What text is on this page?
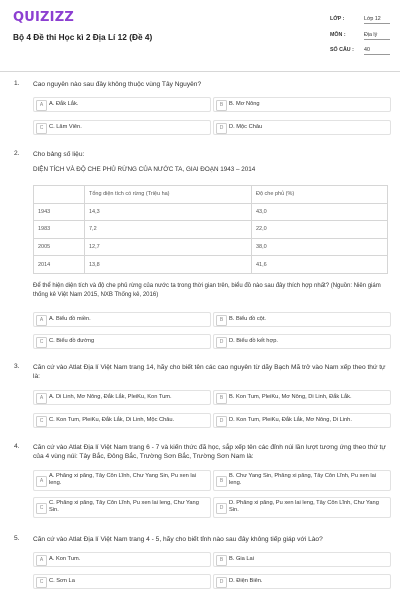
QUIZIZZ
Bộ 4 Đề thi Học kì 2 Địa Lí 12 (Đề 4)
LỚP :	Lớp 12
MÔN :	Địa lý
SỐ CÂU : 40
1. Cao nguyên nào sau đây không thuộc vùng Tây Nguyên?
A	A. Đắk Lắk.	B	B. Mơ Nông
C C. Lâm Viên.	D D. Mộc Châu
2. Cho bảng số liệu:
DIỆN TÍCH VÀ ĐỘ CHE PHỦ RỪNG CỦA NƯỚC TA, GIAI ĐOẠN 1943 – 2014
	Tổng diện tích có rừng (Triệu ha)	Độ che phủ (%)
1943	14,3	43,0
1983	7,2	22,0
2005	12,7	38,0
2014	13,8	41,6
Để thể hiện diện tích và độ che phủ rừng của nước ta trong thời gian trên, biểu đồ nào sau đây thích hợp nhất? (Nguồn: Niên giám thống kê Việt Nam 2015, NXB Thống kê, 2016)
A	A. Biểu đồ miền.	B	B. Biểu đồ cột.
C C. Biểu đồ đường	D D. Biểu đồ kết hợp.
3. Căn cứ vào Atlat Địa lí Việt Nam trang 14, hãy cho biết tên các cao nguyên từ dãy Bạch Mã trở vào Nam xếp theo thứ tự là:
A	A. Di Linh, Mơ Nông, Đắk Lắk, PleiKu, Kon Tum.	B	B. Kon Tum, PleiKu, Mơ Nông, Di Linh, Đắk Lắk.
C C. Kon Tum, PleiKu, Đắk Lắk, Di Linh, Mộc Châu.	D D. Kon Tum, PleiKu, Đắk Lắk, Mơ Nông, Di Linh.
4. Căn cứ vào Atlat Địa lí Việt Nam trang 6 - 7 và kiến thức đã học, sắp xếp tên các đỉnh núi lần lượt tương ứng theo thứ tự của 4 vùng núi: Tây Bắc, Đông Bắc, Trường Sơn Bắc, Trường Sơn Nam là:
A
A. Phăng xi păng, Tây Côn Lĩnh, Chư Yang Sin, Pu xen lai leng.	B
B. Chư Yang Sin, Phăng xi păng, Tây Côn Lĩnh, Pu xen lai leng.
C
C. Phăng xi păng, Tây Côn Lĩnh, Pu xen lai leng, Chư Yang Sin.	D
D. Phăng xi păng, Pu xen lai leng, Tây Côn Lĩnh, Chư Yang Sin.
5. Căn cứ vào Atlat Địa lí Việt Nam trang 4 - 5, hãy cho biết tỉnh nào sau đây không tiếp giáp với Lào?
A	A. Kon Tum.	B	B. Gia Lai
C C. Sơn La	D D. Điện Biên.
